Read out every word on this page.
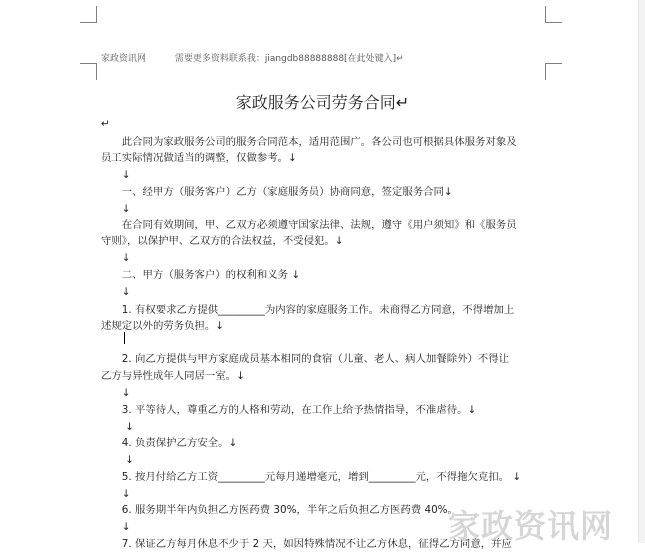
家政资讯网	需要更多资料联系我：jiangdb88888888[在此处键入]↵
家政服务公司劳务合同↵
↵
　　此合同为家政服务公司的服务合同范本，适用范围广。各公司也可根据具体服务对象及
员工实际情况做适当的调整，仅做参考。↓
　　↓
　　一、经甲方（服务客户）乙方（家庭服务员）协商同意，签定服务合同↓
　　↓
　　在合同有效期间，甲、乙双方必须遵守国家法律、法规，遵守《用户须知》和《服务员
守则》，以保护甲、乙双方的合法权益，不受侵犯。↓
　　↓
　　二、甲方（服务客户）的权利和义务 ↓
　　↓
　　1. 有权要求乙方提供_________为内容的家庭服务工作。未商得乙方同意，不得增加上
述规定以外的劳务负担。↓

　　2. 向乙方提供与甲方家庭成员基本相同的食宿（儿童、老人、病人加餐除外）不得让
乙方与异性成年人同居一室。↓
　　↓
　　3. 平等待人，尊重乙方的人格和劳动，在工作上给予热情指导，不准虐待。↓
　　 ↓
　　4. 负责保护乙方安全。↓
　　 ↓
　　5. 按月付给乙方工资_________元每月递增毫元，增到_________元，不得拖欠克扣。 ↓
　　↓
　　6. 服务期半年内负担乙方医药费 30%，半年之后负担乙方医药费 40%。
　　↓
　　7. 保证乙方每月休息不少于 2 天，如因特殊情况不让乙方休息，征得乙方同意，并应
家政资讯网
